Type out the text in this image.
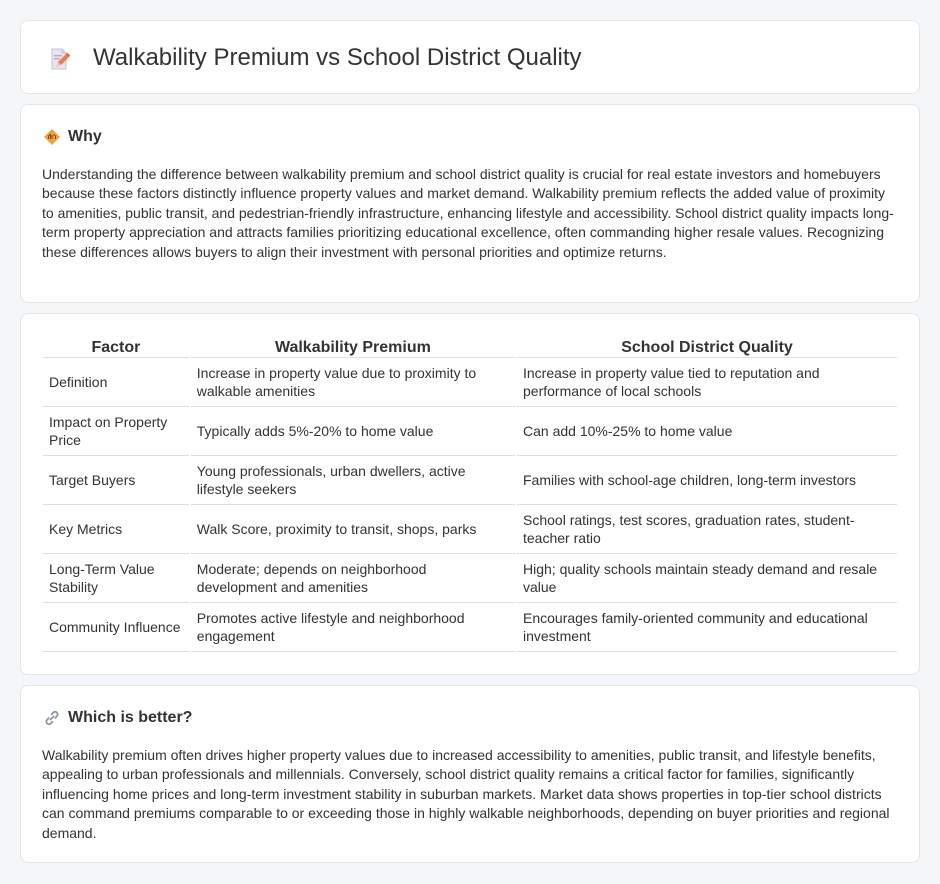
Walkability Premium vs School District Quality
Why

Understanding the difference between walkability premium and school district quality is crucial for real estate investors and homebuyers because these factors distinctly influence property values and market demand. Walkability premium reflects the added value of proximity to amenities, public transit, and pedestrian-friendly infrastructure, enhancing lifestyle and accessibility. School district quality impacts long-term property appreciation and attracts families prioritizing educational excellence, often commanding higher resale values. Recognizing these differences allows buyers to align their investment with personal priorities and optimize returns.

Factor	Walkability Premium	School District Quality
Definition	Increase in property value due to proximity to walkable amenities	Increase in property value tied to reputation and performance of local schools
Impact on Property Price	Typically adds 5%-20% to home value	Can add 10%-25% to home value
Target Buyers	Young professionals, urban dwellers, active lifestyle seekers	Families with school-age children, long-term investors
Key Metrics	Walk Score, proximity to transit, shops, parks	School ratings, test scores, graduation rates, student-teacher ratio
Long-Term Value Stability	Moderate; depends on neighborhood development and amenities	High; quality schools maintain steady demand and resale value
Community Influence	Promotes active lifestyle and neighborhood engagement	Encourages family-oriented community and educational investment
Which is better?

Walkability premium often drives higher property values due to increased accessibility to amenities, public transit, and lifestyle benefits, appealing to urban professionals and millennials. Conversely, school district quality remains a critical factor for families, significantly influencing home prices and long-term investment stability in suburban markets. Market data shows properties in top-tier school districts can command premiums comparable to or exceeding those in highly walkable neighborhoods, depending on buyer priorities and regional demand.
